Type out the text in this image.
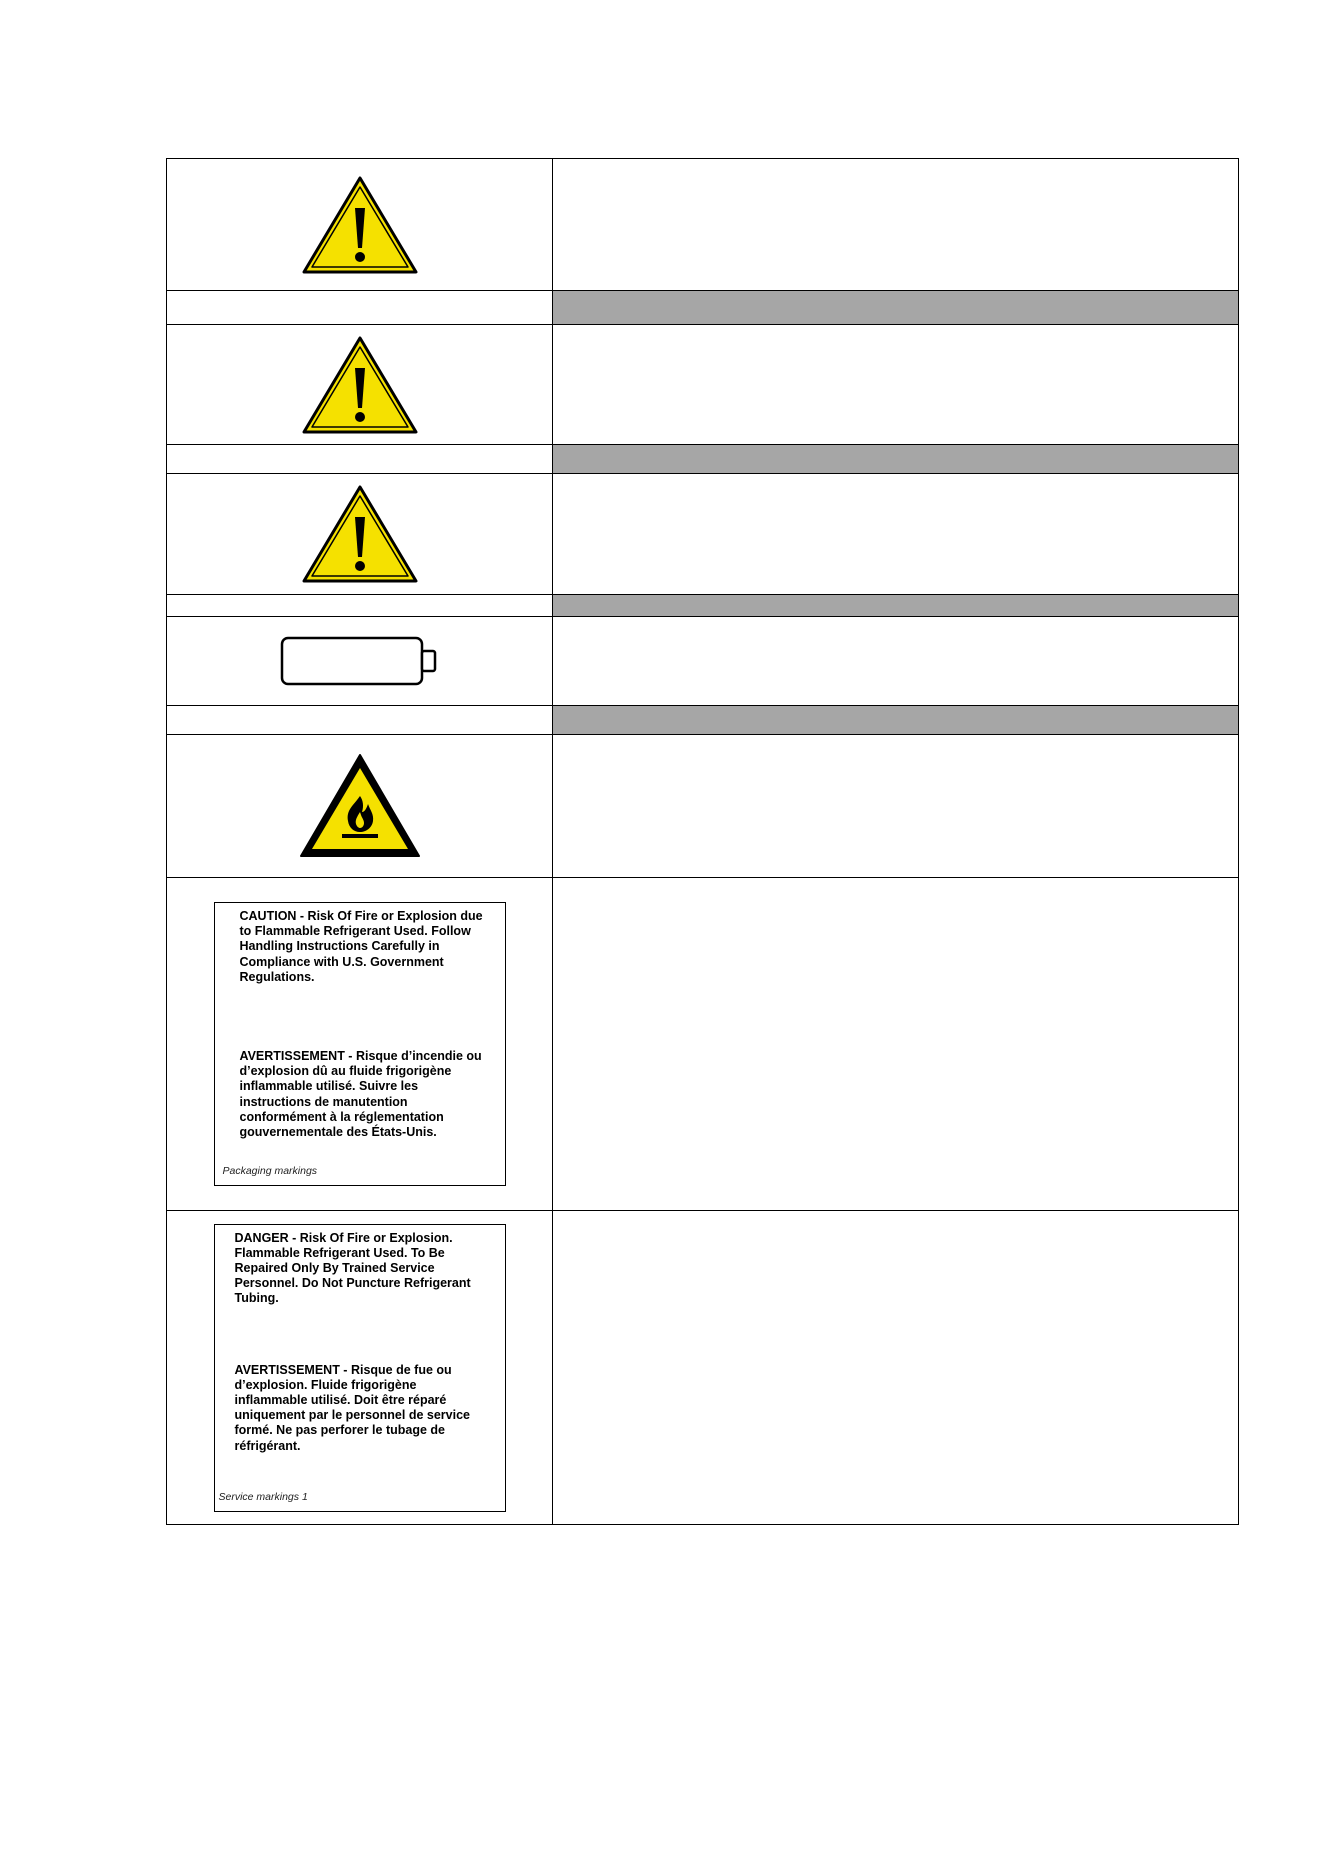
CAUTION - Risk Of Fire or Explosion due
to Flammable Refrigerant Used. Follow
Handling Instructions Carefully in
Compliance with U.S. Government
Regulations.
AVERTISSEMENT - Risque d’incendie ou
d’explosion dû au fluide frigorigène
inflammable utilisé. Suivre les
instructions de manutention
conformément à la réglementation
gouvernementale des États-Unis.
Packaging markings
DANGER - Risk Of Fire or Explosion.
Flammable Refrigerant Used. To Be
Repaired Only By Trained Service
Personnel. Do Not Puncture Refrigerant
Tubing.
AVERTISSEMENT - Risque de fue ou
d’explosion. Fluide frigorigène
inflammable utilisé. Doit être réparé
uniquement par le personnel de service
formé. Ne pas perforer le tubage de
réfrigérant.
Service markings 1
